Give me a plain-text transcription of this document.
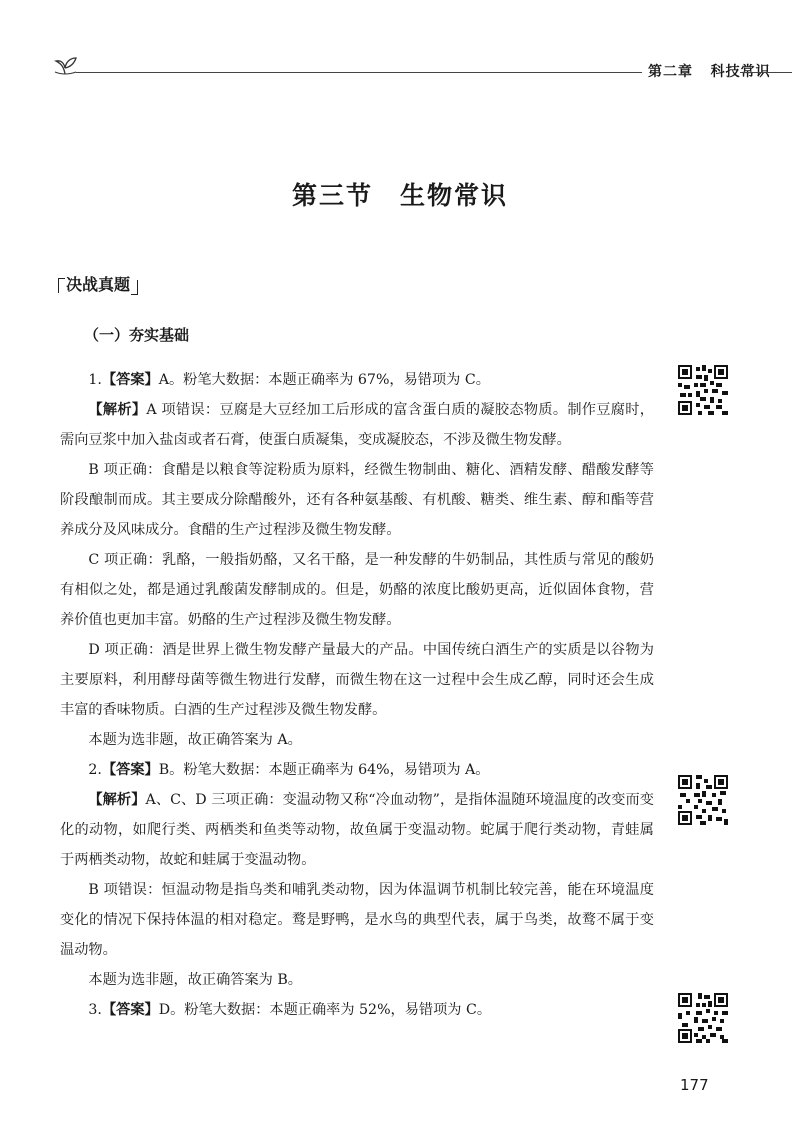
第二章 科技常识
第三节　生物常识
决战真题
（一）夯实基础

1.【答案】A。粉笔大数据：本题正确率为 67%，易错项为 C。

【解析】A 项错误：豆腐是大豆经加工后形成的富含蛋白质的凝胶态物质。制作豆腐时，需向豆浆中加入盐卤或者石膏，使蛋白质凝集，变成凝胶态，不涉及微生物发酵。

B 项正确：食醋是以粮食等淀粉质为原料，经微生物制曲、糖化、酒精发酵、醋酸发酵等阶段酿制而成。其主要成分除醋酸外，还有各种氨基酸、有机酸、糖类、维生素、醇和酯等营养成分及风味成分。食醋的生产过程涉及微生物发酵。

C 项正确：乳酪，一般指奶酪，又名干酪，是一种发酵的牛奶制品，其性质与常见的酸奶有相似之处，都是通过乳酸菌发酵制成的。但是，奶酪的浓度比酸奶更高，近似固体食物，营养价值也更加丰富。奶酪的生产过程涉及微生物发酵。

D 项正确：酒是世界上微生物发酵产量最大的产品。中国传统白酒生产的实质是以谷物为主要原料，利用酵母菌等微生物进行发酵，而微生物在这一过程中会生成乙醇，同时还会生成丰富的香味物质。白酒的生产过程涉及微生物发酵。

本题为选非题，故正确答案为 A。

2.【答案】B。粉笔大数据：本题正确率为 64%，易错项为 A。

【解析】A、C、D 三项正确：变温动物又称“冷血动物”，是指体温随环境温度的改变而变化的动物，如爬行类、两栖类和鱼类等动物，故鱼属于变温动物。蛇属于爬行类动物，青蛙属于两栖类动物，故蛇和蛙属于变温动物。

B 项错误：恒温动物是指鸟类和哺乳类动物，因为体温调节机制比较完善，能在环境温度变化的情况下保持体温的相对稳定。鹜是野鸭，是水鸟的典型代表，属于鸟类，故鹜不属于变温动物。

本题为选非题，故正确答案为 B。

3.【答案】D。粉笔大数据：本题正确率为 52%，易错项为 C。

177
